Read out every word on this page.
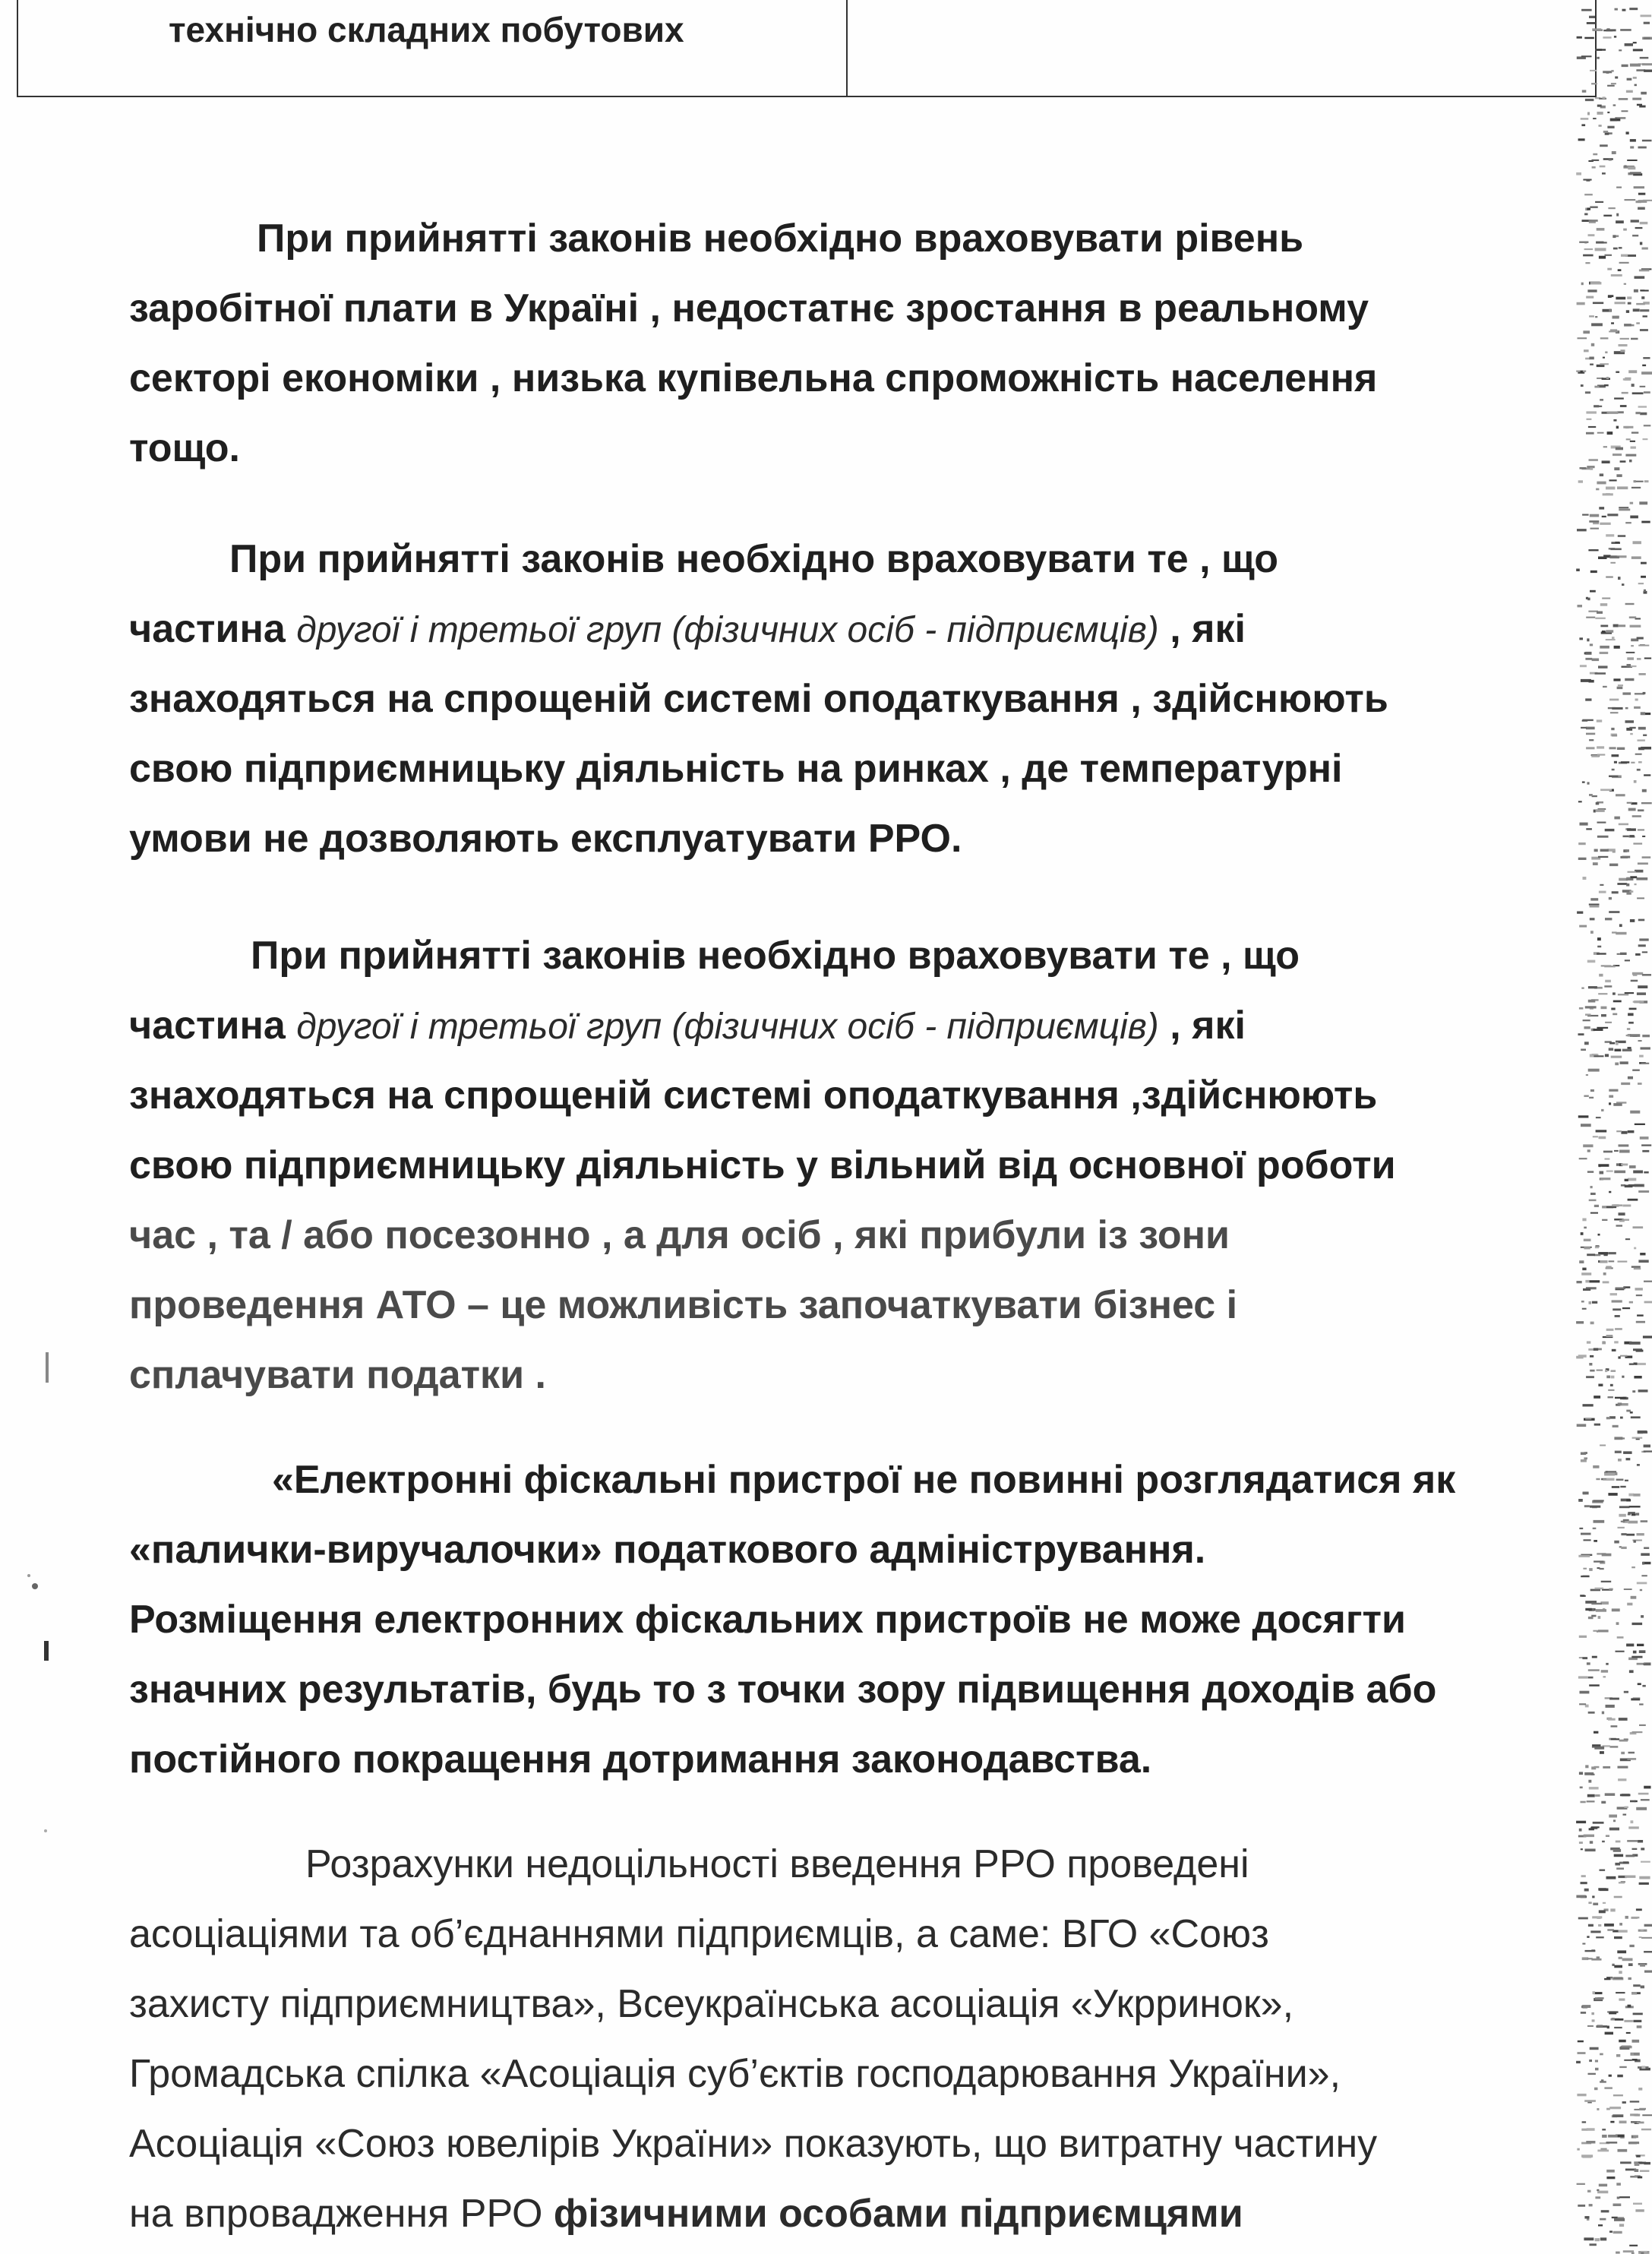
технічно складних побутових
При прийнятті законів необхідно враховувати рівень
заробітної плати в Україні , недостатнє зростання в реальному
секторі економіки , низька купівельна спроможність населення
тощо.
При прийнятті законів необхідно враховувати те , що
частина другої і третьої груп (фізичних осіб - підприємців) , які
знаходяться на спрощеній системі оподаткування , здійснюють
свою підприємницьку діяльність на ринках , де температурні
умови не дозволяють експлуатувати РРО.
При прийнятті законів необхідно враховувати те , що
частина другої і третьої груп (фізичних осіб - підприємців) , які
знаходяться на спрощеній системі оподаткування ,здійснюють
свою підприємницьку діяльність у вільний від основної роботи
час , та / або посезонно , а для осіб , які прибули із зони
проведення АТО – це можливість започаткувати бізнес і
сплачувати податки .
«Електронні фіскальні пристрої не повинні розглядатися як
«палички-виручалочки» податкового адміністрування.
Розміщення електронних фіскальних пристроїв не може досягти
значних результатів, будь то з точки зору підвищення доходів або
постійного покращення дотримання законодавства.
Розрахунки недоцільності введення РРО проведені
асоціаціями та об’єднаннями підприємців, а саме: ВГО «Союз
захисту підприємництва», Всеукраїнська асоціація «Укрринок»,
Громадська спілка «Асоціація суб’єктів господарювання України»,
Асоціація «Союз ювелірів України» показують, що витратну частину
на впровадження РРО фізичними особами підприємцями
